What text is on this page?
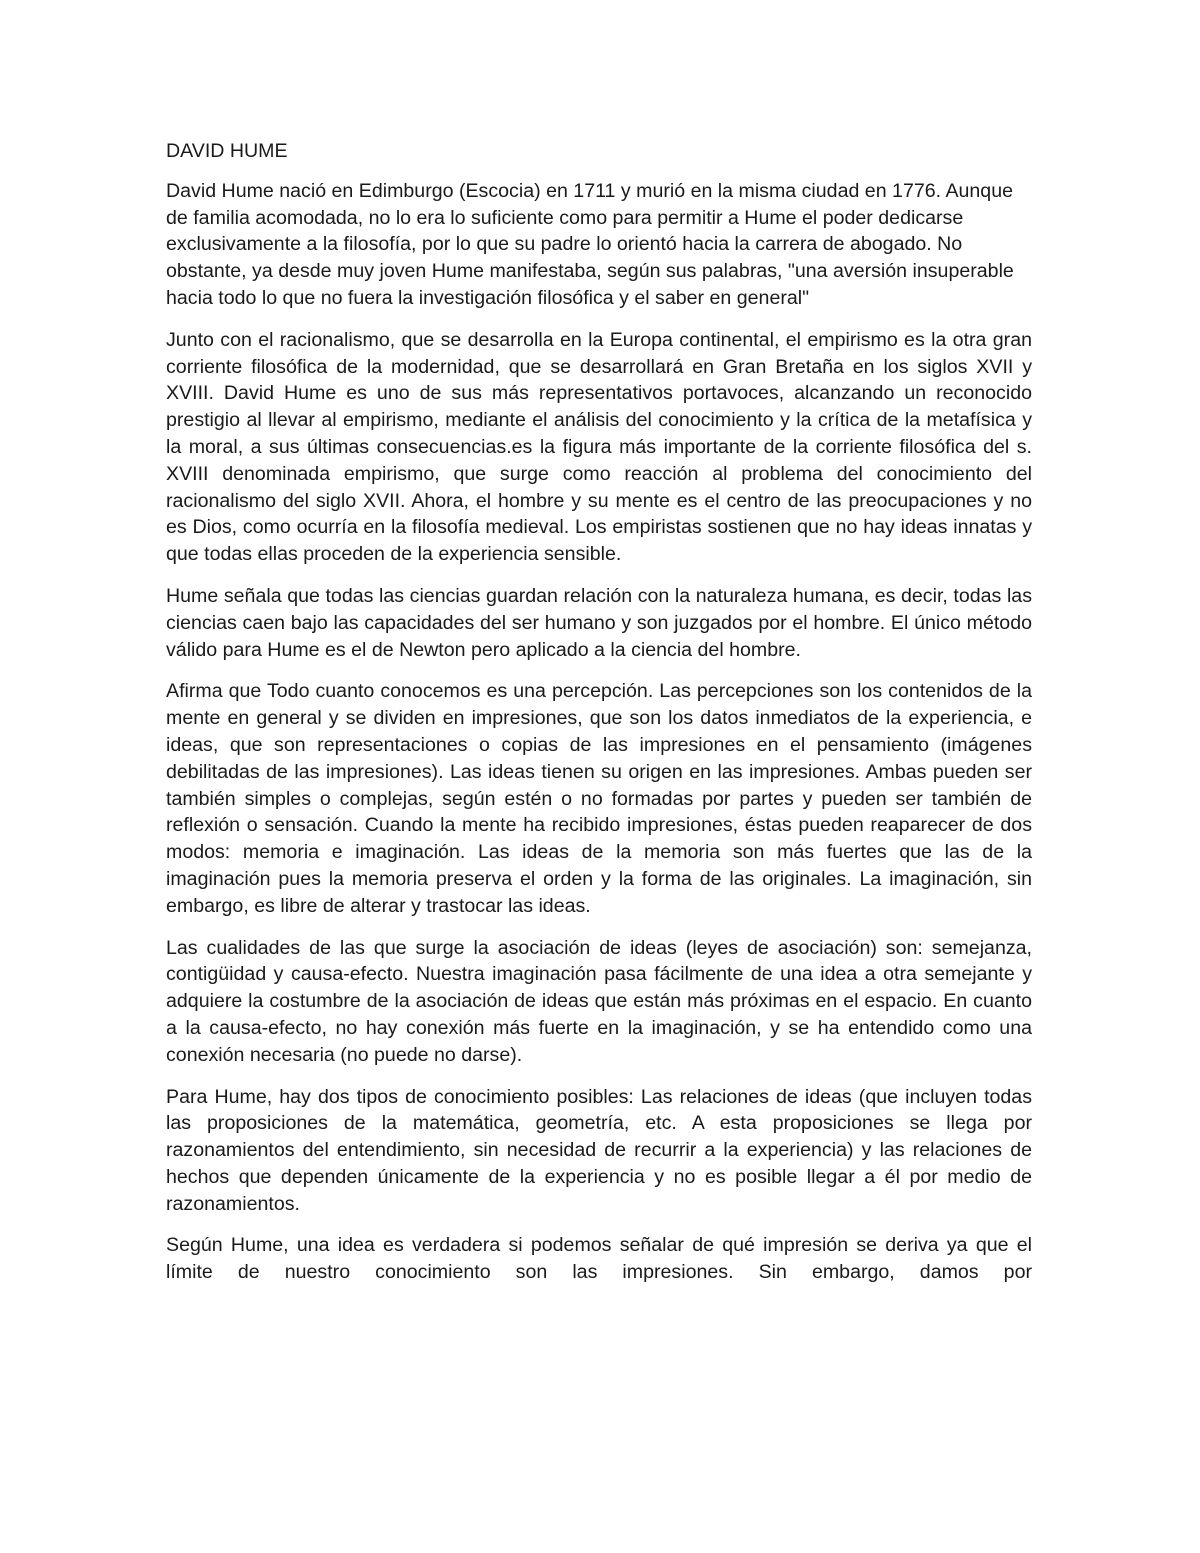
DAVID HUME

David Hume nació en Edimburgo (Escocia) en 1711 y murió en la misma ciudad en 1776. Aunque de familia acomodada, no lo era lo suficiente como para permitir a Hume el poder dedicarse exclusivamente a la filosofía, por lo que su padre lo orientó hacia la carrera de abogado. No obstante, ya desde muy joven Hume manifestaba, según sus palabras, "una aversión insuperable hacia todo lo que no fuera la investigación filosófica y el saber en general"

Junto con el racionalismo, que se desarrolla en la Europa continental, el empirismo es la otra gran corriente filosófica de la modernidad, que se desarrollará en Gran Bretaña en los siglos XVII y XVIII. David Hume es uno de sus más representativos portavoces, alcanzando un reconocido prestigio al llevar al empirismo, mediante el análisis del conocimiento y la crítica de la metafísica y la moral, a sus últimas consecuencias.es la figura más importante de la corriente filosófica del s. XVIII denominada empirismo, que surge como reacción al problema del conocimiento del racionalismo del siglo XVII. Ahora, el hombre y su mente es el centro de las preocupaciones y no es Dios, como ocurría en la filosofía medieval. Los empiristas sostienen que no hay ideas innatas y que todas ellas proceden de la experiencia sensible.

Hume señala que todas las ciencias guardan relación con la naturaleza humana, es decir, todas las ciencias caen bajo las capacidades del ser humano y son juzgados por el hombre. El único método válido para Hume es el de Newton pero aplicado a la ciencia del hombre.

Afirma que Todo cuanto conocemos es una percepción. Las percepciones son los contenidos de la mente en general y se dividen en impresiones, que son los datos inmediatos de la experiencia, e ideas, que son representaciones o copias de las impresiones en el pensamiento (imágenes debilitadas de las impresiones). Las ideas tienen su origen en las impresiones. Ambas pueden ser también simples o complejas, según estén o no formadas por partes y pueden ser también de reflexión o sensación. Cuando la mente ha recibido impresiones, éstas pueden reaparecer de dos modos: memoria e imaginación. Las ideas de la memoria son más fuertes que las de la imaginación pues la memoria preserva el orden y la forma de las originales. La imaginación, sin embargo, es libre de alterar y trastocar las ideas.

Las cualidades de las que surge la asociación de ideas (leyes de asociación) son: semejanza, contigüidad y causa-efecto. Nuestra imaginación pasa fácilmente de una idea a otra semejante y adquiere la costumbre de la asociación de ideas que están más próximas en el espacio. En cuanto a la causa-efecto, no hay conexión más fuerte en la imaginación, y se ha entendido como una conexión necesaria (no puede no darse).

Para Hume, hay dos tipos de conocimiento posibles: Las relaciones de ideas (que incluyen todas las proposiciones de la matemática, geometría, etc. A esta proposiciones se llega por razonamientos del entendimiento, sin necesidad de recurrir a la experiencia) y las relaciones de hechos que dependen únicamente de la experiencia y no es posible llegar a él por medio de razonamientos.

Según Hume, una idea es verdadera si podemos señalar de qué impresión se deriva ya que el límite de nuestro conocimiento son las impresiones. Sin embargo, damos por
